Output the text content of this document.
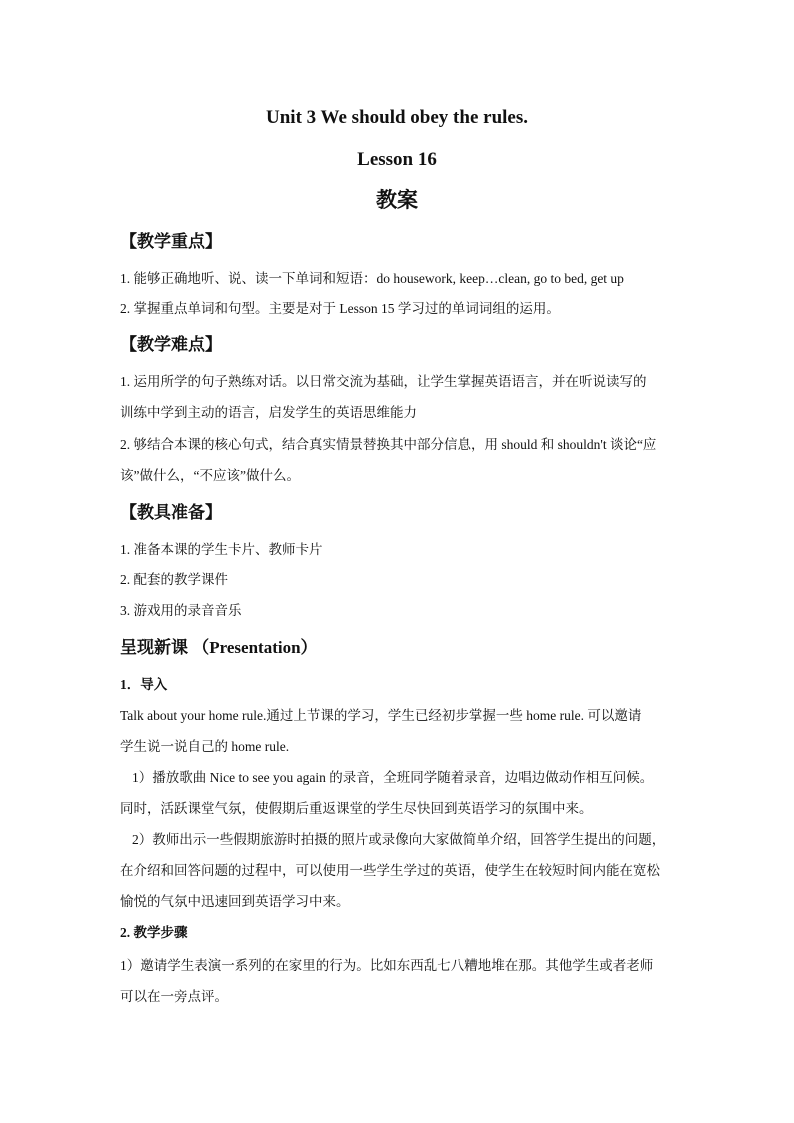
Unit 3 We should obey the rules.
Lesson 16
教案
【教学重点】
1. 能够正确地听、说、读一下单词和短语：do housework, keep…clean, go to bed, get up
2. 掌握重点单词和句型。主要是对于 Lesson 15 学习过的单词词组的运用。
【教学难点】
1. 运用所学的句子熟练对话。以日常交流为基础，让学生掌握英语语言，并在听说读写的
训练中学到主动的语言，启发学生的英语思维能力
2. 够结合本课的核心句式，结合真实情景替换其中部分信息，用 should 和 shouldn't 谈论“应
该”做什么，“不应该”做什么。
【教具准备】
1. 准备本课的学生卡片、教师卡片
2. 配套的教学课件
3. 游戏用的录音音乐
呈现新课 （Presentation）
1．导入
Talk about your home rule.通过上节课的学习，学生已经初步掌握一些 home rule. 可以邀请
学生说一说自己的 home rule.
1）播放歌曲 Nice to see you again 的录音，全班同学随着录音，边唱边做动作相互问候。
同时，活跃课堂气氛，使假期后重返课堂的学生尽快回到英语学习的氛围中来。
2）教师出示一些假期旅游时拍摄的照片或录像向大家做简单介绍，回答学生提出的问题，
在介绍和回答问题的过程中，可以使用一些学生学过的英语，使学生在较短时间内能在宽松
愉悦的气氛中迅速回到英语学习中来。
2. 教学步骤
1）邀请学生表演一系列的在家里的行为。比如东西乱七八糟地堆在那。其他学生或者老师
可以在一旁点评。
